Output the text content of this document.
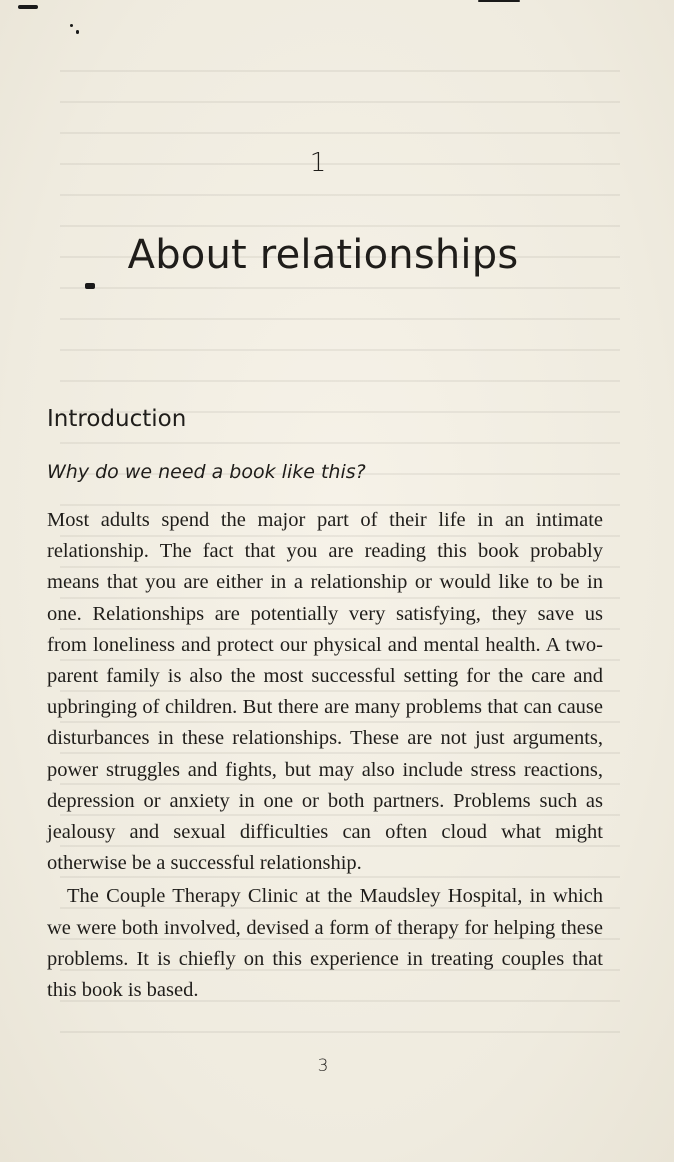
1
About relationships
Introduction
Why do we need a book like this?

Most adults spend the major part of their life in an intimate relationship. The fact that you are reading this book probably means that you are either in a relationship or would like to be in one. Relationships are potentially very satisfying, they save us from loneliness and protect our physical and mental health. A two-parent family is also the most successful setting for the care and upbringing of children. But there are many problems that can cause disturbances in these relationships. These are not just arguments, power struggles and fights, but may also include stress reactions, depression or anxiety in one or both partners. Problems such as jealousy and sexual difficulties can often cloud what might otherwise be a successful relationship.

The Couple Therapy Clinic at the Maudsley Hospital, in which we were both involved, devised a form of therapy for helping these problems. It is chiefly on this experience in treating couples that this book is based.

3
